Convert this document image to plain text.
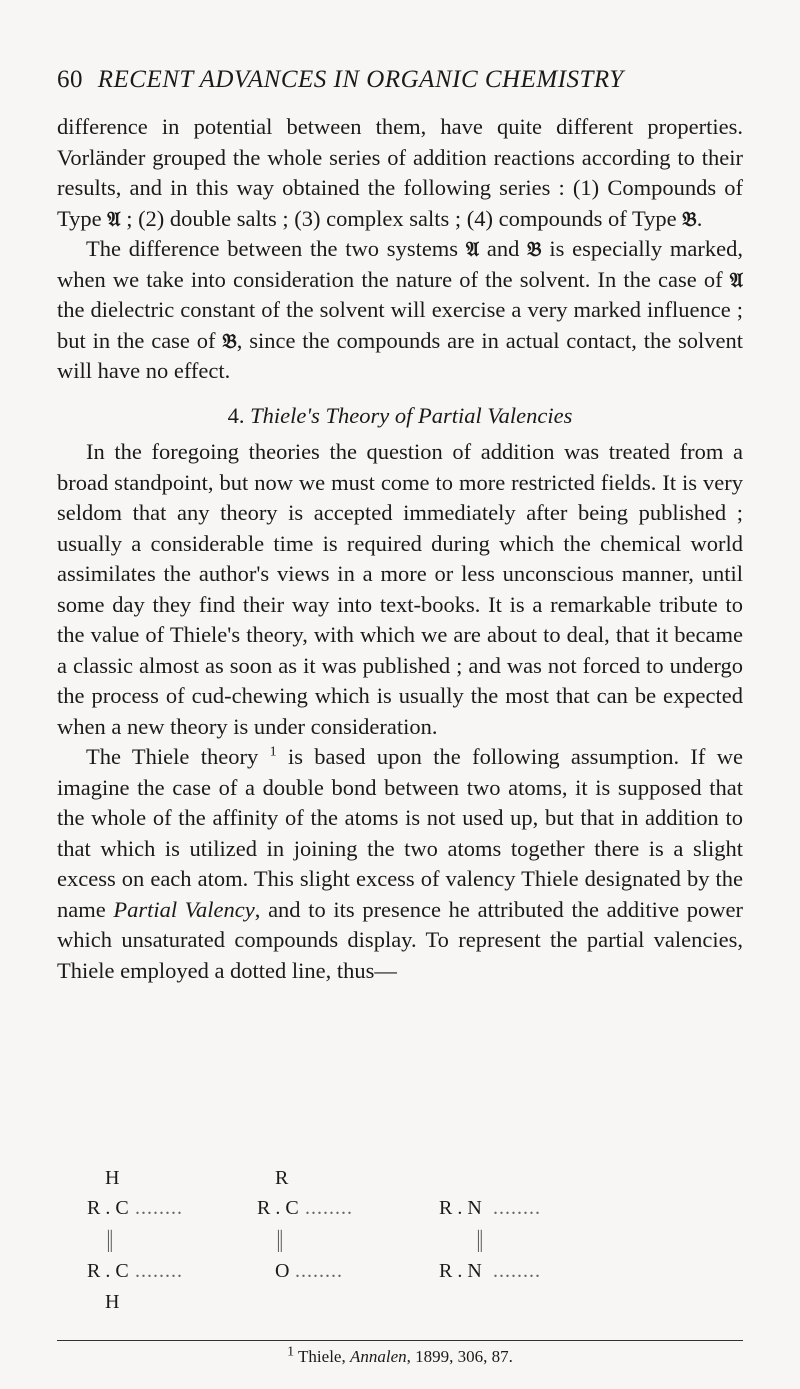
60 RECENT ADVANCES IN ORGANIC CHEMISTRY

difference in potential between them, have quite different properties. Vorländer grouped the whole series of addition reactions according to their results, and in this way obtained the following series : (1) Compounds of Type 𝔄 ; (2) double salts ; (3) complex salts ; (4) compounds of Type 𝔅.

The difference between the two systems 𝔄 and 𝔅 is especially marked, when we take into consideration the nature of the solvent. In the case of 𝔄 the dielectric constant of the solvent will exercise a very marked influence ; but in the case of 𝔅, since the compounds are in actual contact, the solvent will have no effect.

4. Thiele's Theory of Partial Valencies

In the foregoing theories the question of addition was treated from a broad standpoint, but now we must come to more restricted fields. It is very seldom that any theory is accepted immediately after being published ; usually a considerable time is required during which the chemical world assimilates the author's views in a more or less unconscious manner, until some day they find their way into text-books. It is a remarkable tribute to the value of Thiele's theory, with which we are about to deal, that it became a classic almost as soon as it was published ; and was not forced to undergo the process of cud-chewing which is usually the most that can be expected when a new theory is under consideration.

The Thiele theory $^1$ is based upon the following assumption. If we imagine the case of a double bond between two atoms, it is supposed that the whole of the affinity of the atoms is not used up, but that in addition to that which is utilized in joining the two atoms together there is a slight excess on each atom. This slight excess of valency Thiele designated by the name Partial Valency, and to its presence he attributed the additive power which unsaturated compounds display. To represent the partial valencies, Thiele employed a dotted line, thus—

H
R . C ........
||
R . C ........
H
R
R . C ........
||
O ........
R . N ........
||
R . N ........
$^1$ Thiele, Annalen, 1899, 306, 87.
